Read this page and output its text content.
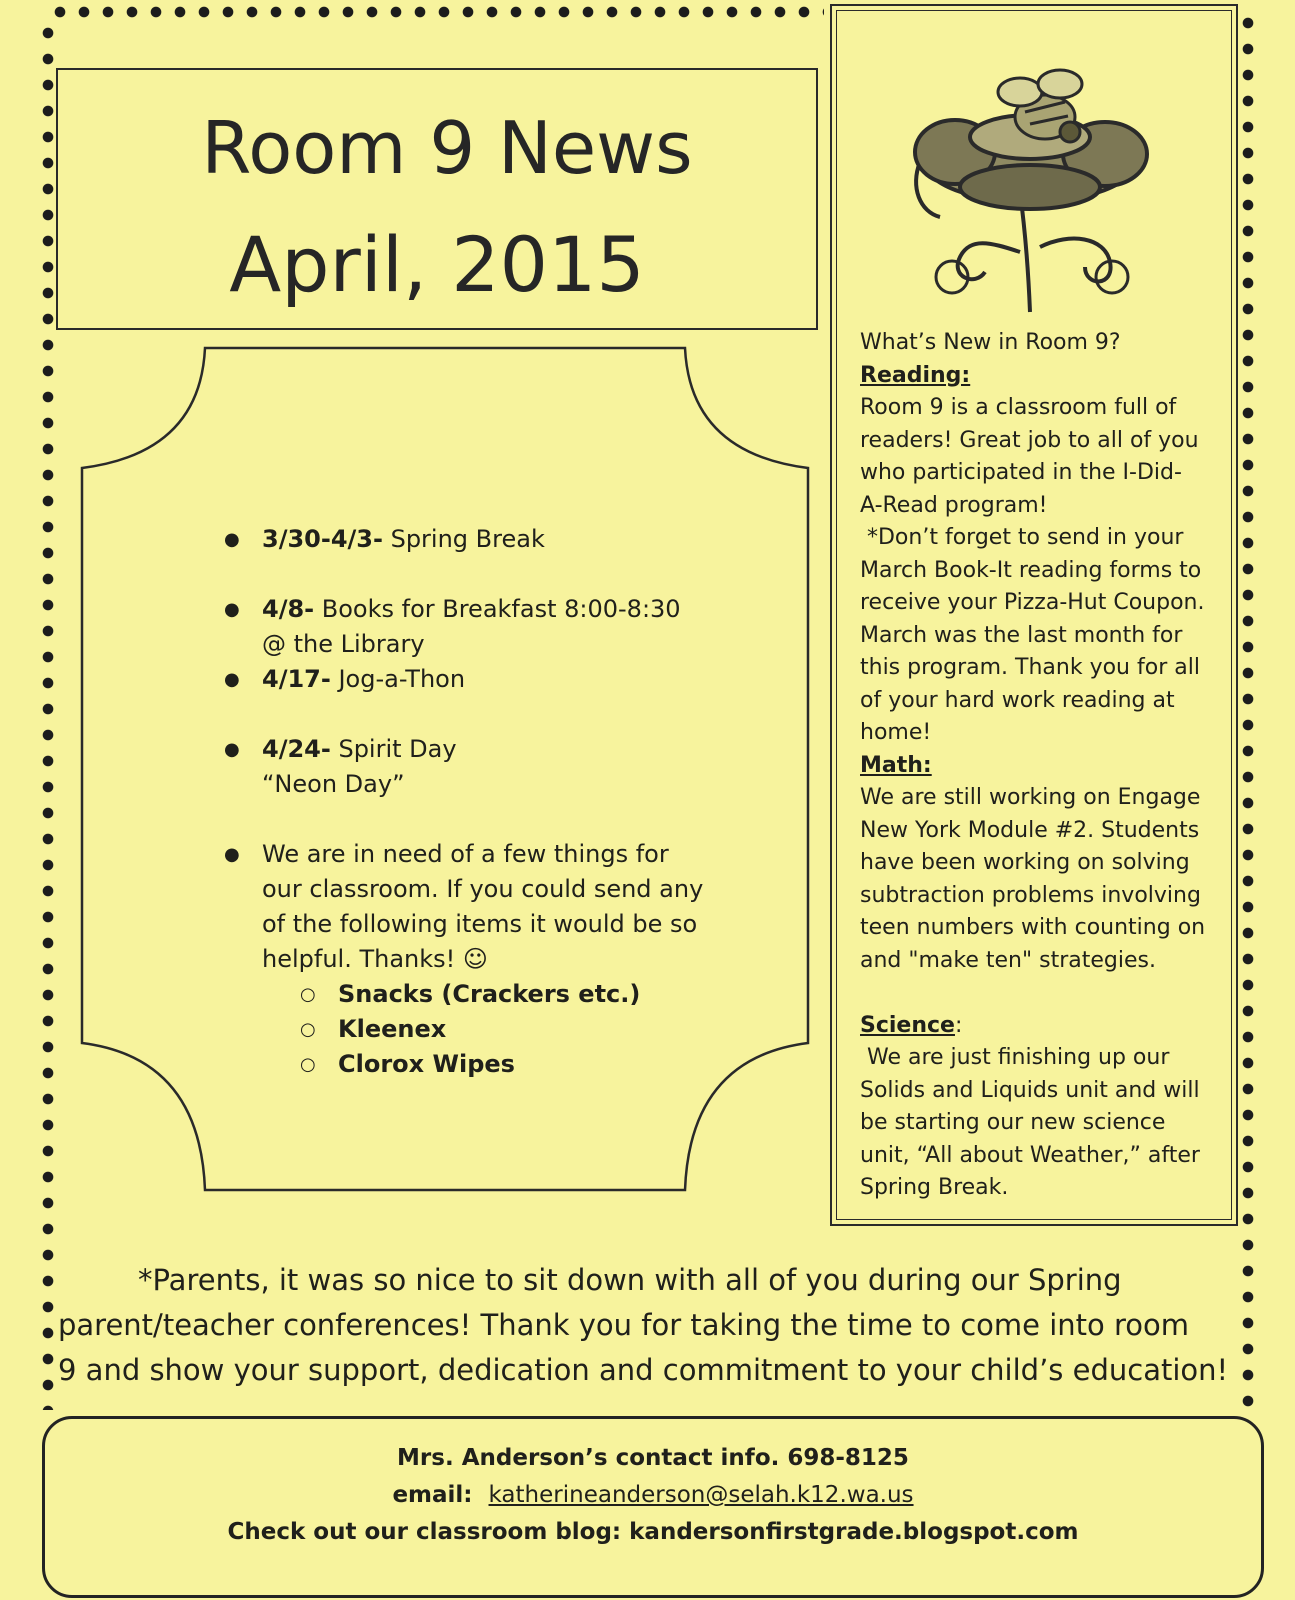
Room 9 News
April, 2015
● 3/30-4/3- Spring Break
● 4/8- Books for Breakfast 8:00-8:30
@ the Library
● 4/17- Jog-a-Thon
● 4/24- Spirit Day
“Neon Day”
● We are in need of a few things for
our classroom. If you could send any
of the following items it would be so
helpful. Thanks! ☺
○ Snacks (Crackers etc.)
○ Kleenex
○ Clorox Wipes

What’s New in Room 9?

Reading:

Room 9 is a classroom full of

readers! Great job to all of you

who participated in the I-Did-

A-Read program!

*Don’t forget to send in your

March Book-It reading forms to

receive your Pizza-Hut Coupon.

March was the last month for

this program. Thank you for all

of your hard work reading at

home!

Math:

We are still working on Engage

New York Module #2. Students

have been working on solving

subtraction problems involving

teen numbers with counting on

and "make ten" strategies.

Science:

We are just finishing up our

Solids and Liquids unit and will

be starting our new science

unit, “All about Weather,” after

Spring Break.

*Parents, it was so nice to sit down with all of you during our Spring
parent/teacher conferences! Thank you for taking the time to come into room
9 and show your support, dedication and commitment to your child’s education!
Mrs. Anderson’s contact info. 698-8125
email:  katherineanderson@selah.k12.wa.us
Check out our classroom blog: kandersonfirstgrade.blogspot.com
